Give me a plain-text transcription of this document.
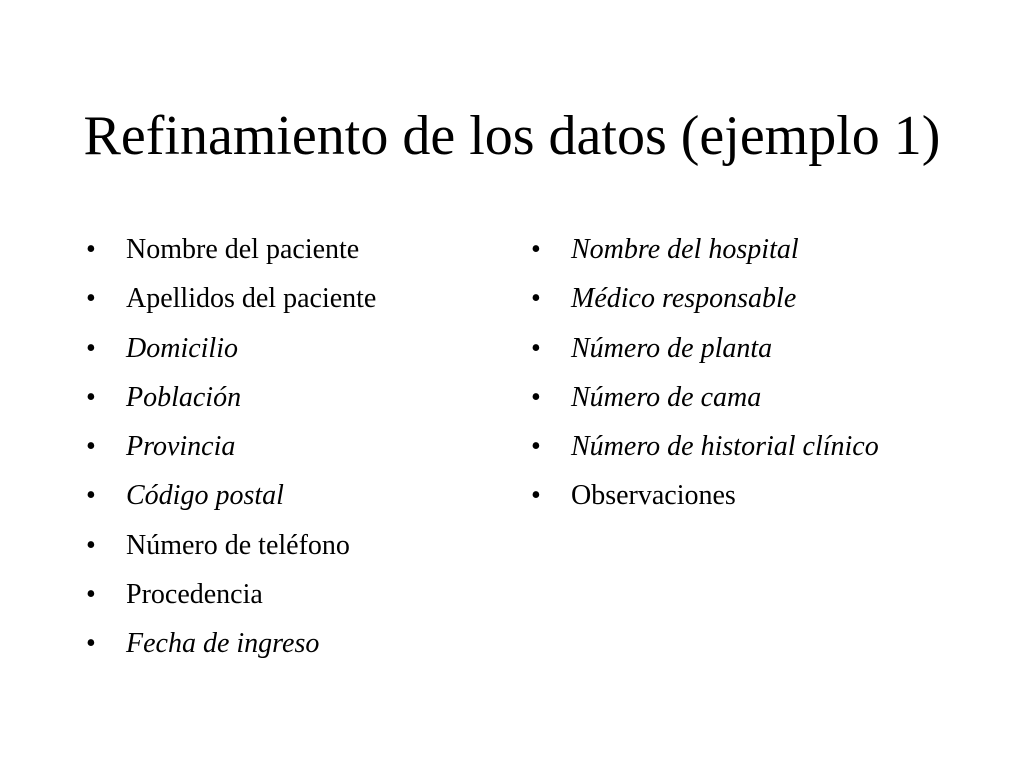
Refinamiento de los datos (ejemplo 1)
• Nombre del paciente
• Apellidos del paciente
• Domicilio
• Población
• Provincia
• Código postal
• Número de teléfono
• Procedencia
• Fecha de ingreso
• Nombre del hospital
• Médico responsable
• Número de planta
• Número de cama
• Número de historial clínico
• Observaciones
